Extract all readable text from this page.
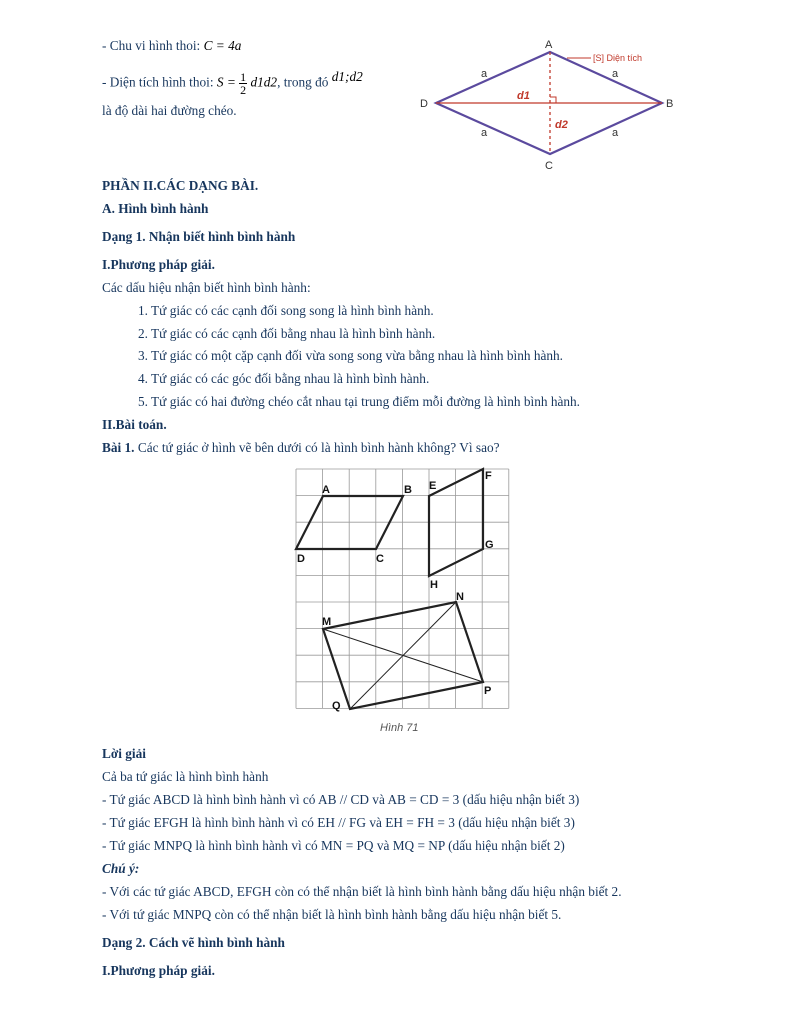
- Chu vi hình thoi: C = 4a
- Diện tích hình thoi: $S = \frac{1}{2} d1d2$, trong đó d1;d2
là độ dài hai đường chéo.
[S] Diện tích
A
B
C
D
a	a
a	a
d1
d2
PHẦN II.CÁC DẠNG BÀI.
A. Hình bình hành
Dạng 1. Nhận biết hình bình hành
I.Phương pháp giải.
Các dấu hiệu nhận biết hình bình hành:
1. Tứ giác có các cạnh đối song song là hình bình hành.
2. Tứ giác có các cạnh đối bằng nhau là hình bình hành.
3. Tứ giác có một cặp cạnh đối vừa song song vừa bằng nhau là hình bình hành.
4. Tứ giác có các góc đối bằng nhau là hình bình hành.
5. Tứ giác có hai đường chéo cắt nhau tại trung điểm mỗi đường là hình bình hành.
II.Bài toán.
Bài 1. Các tứ giác ở hình vẽ bên dưới có là hình bình hành không? Vì sao?
A	B
C
D
E
F
G
H
M
N
P
Q
Hình 71
Lời giải
Cả ba tứ giác là hình bình hành
- Tứ giác ABCD là hình bình hành vì có AB // CD và AB = CD = 3 (dấu hiệu nhận biết 3)
- Tứ giác EFGH là hình bình hành vì có EH // FG và EH = FH = 3 (dấu hiệu nhận biết 3)
- Tứ giác MNPQ là hình bình hành vì có MN = PQ và MQ = NP (dấu hiệu nhận biết 2)
Chú ý:
- Với các tứ giác ABCD, EFGH còn có thể nhận biết là hình bình hành bằng dấu hiệu nhận biết 2.
- Với tứ giác MNPQ còn có thể nhận biết là hình bình hành bằng dấu hiệu nhận biết 5.
Dạng 2. Cách vẽ hình bình hành
I.Phương pháp giải.
